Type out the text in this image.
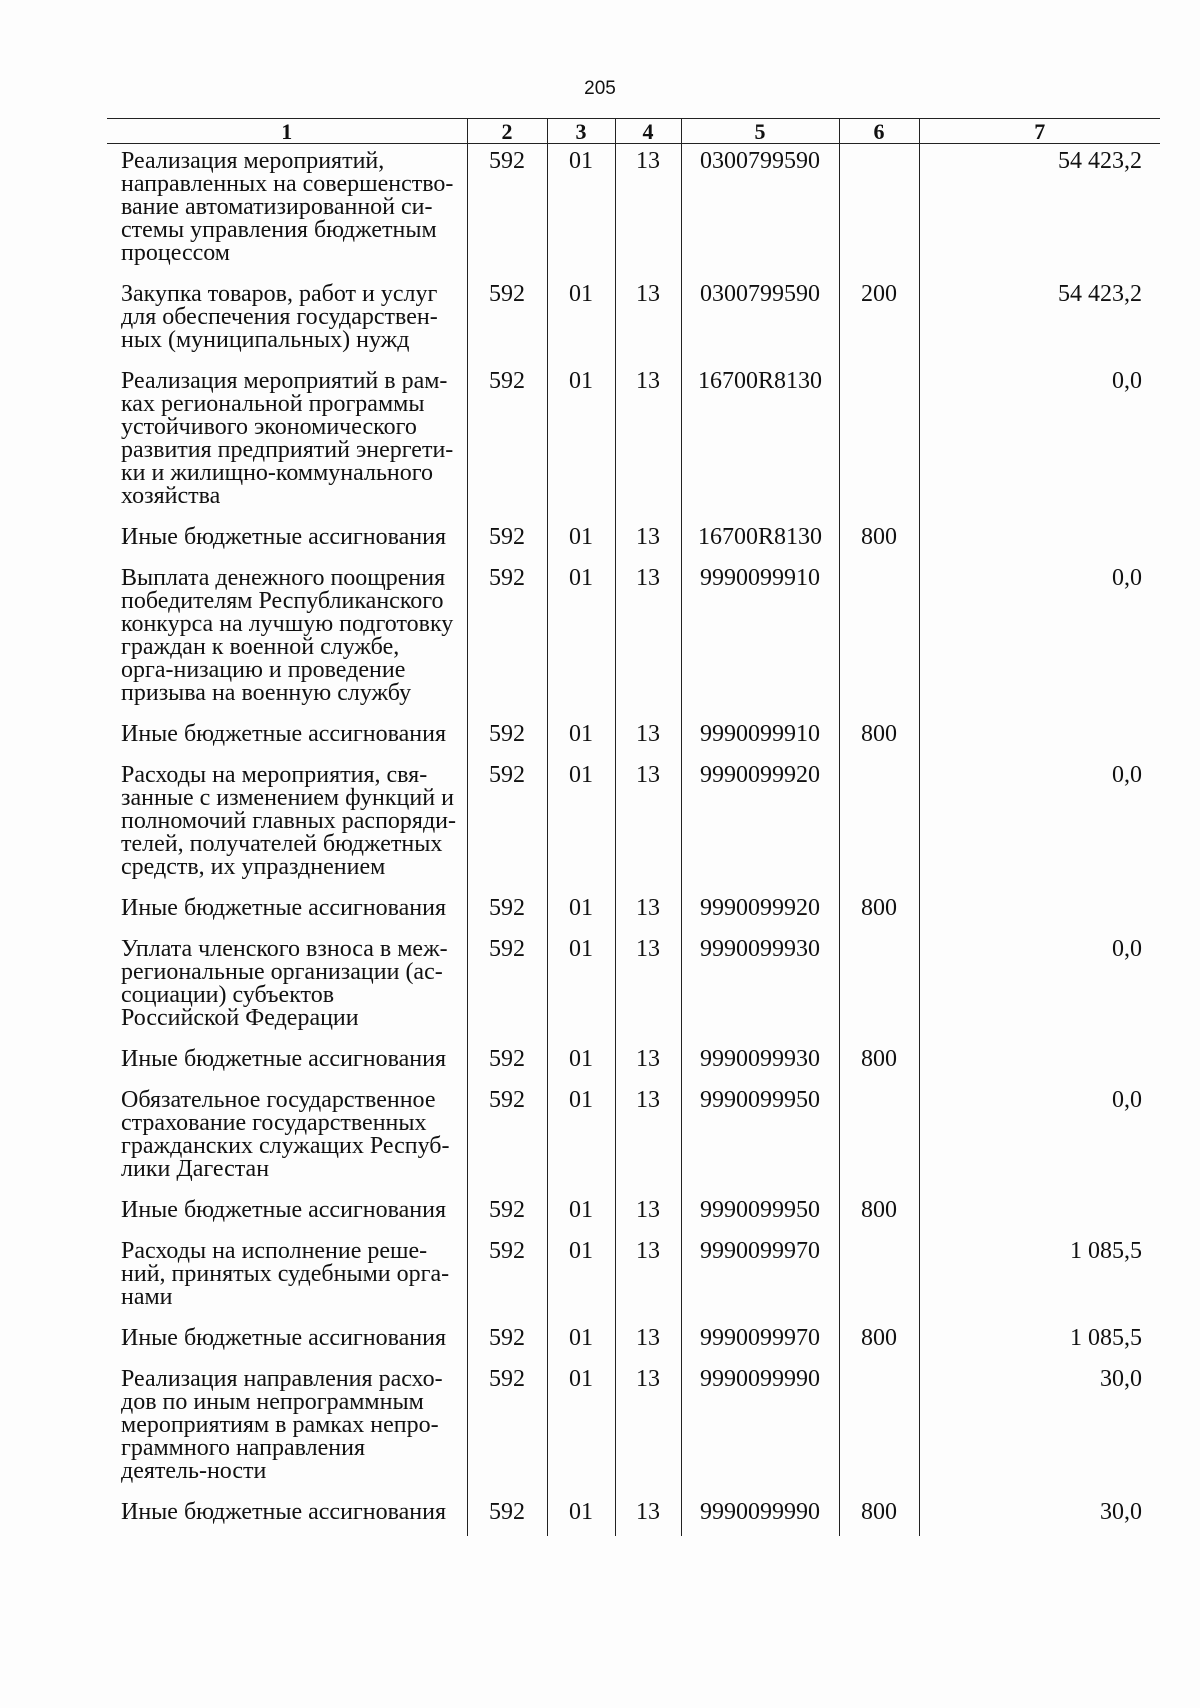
205
1	2	3	4	5	6	7
Реализация мероприятий, направленных на совершенство-вание автоматизированной си-стемы управления бюджетным процессом	592	01	13	0300799590		54 423,2
Закупка товаров, работ и услуг для обеспечения государствен-ных (муниципальных) нужд	592	01	13	0300799590	200	54 423,2
Реализация мероприятий в рам-ках региональной программы устойчивого экономического развития предприятий энергети-ки и жилищно-коммунального хозяйства	592	01	13	16700R8130		0,0
Иные бюджетные ассигнования	592	01	13	16700R8130	800	
Выплата денежного поощрения победителям Республиканского конкурса на лучшую подготовку граждан к военной службе, орга-низацию и проведение призыва на военную службу	592	01	13	9990099910		0,0
Иные бюджетные ассигнования	592	01	13	9990099910	800	
Расходы на мероприятия, свя-занные с изменением функций и полномочий главных распоряди-телей, получателей бюджетных средств, их упразднением	592	01	13	9990099920		0,0
Иные бюджетные ассигнования	592	01	13	9990099920	800	
Уплата членского взноса в меж-региональные организации (ас-социации) субъектов Российской Федерации	592	01	13	9990099930		0,0
Иные бюджетные ассигнования	592	01	13	9990099930	800	
Обязательное государственное страхование государственных гражданских служащих Респуб-лики Дагестан	592	01	13	9990099950		0,0
Иные бюджетные ассигнования	592	01	13	9990099950	800	
Расходы на исполнение реше-ний, принятых судебными орга-нами	592	01	13	9990099970		1 085,5
Иные бюджетные ассигнования	592	01	13	9990099970	800	1 085,5
Реализация направления расхо-дов по иным непрограммным мероприятиям в рамках непро-граммного направления деятель-ности	592	01	13	9990099990		30,0
Иные бюджетные ассигнования	592	01	13	9990099990	800	30,0
